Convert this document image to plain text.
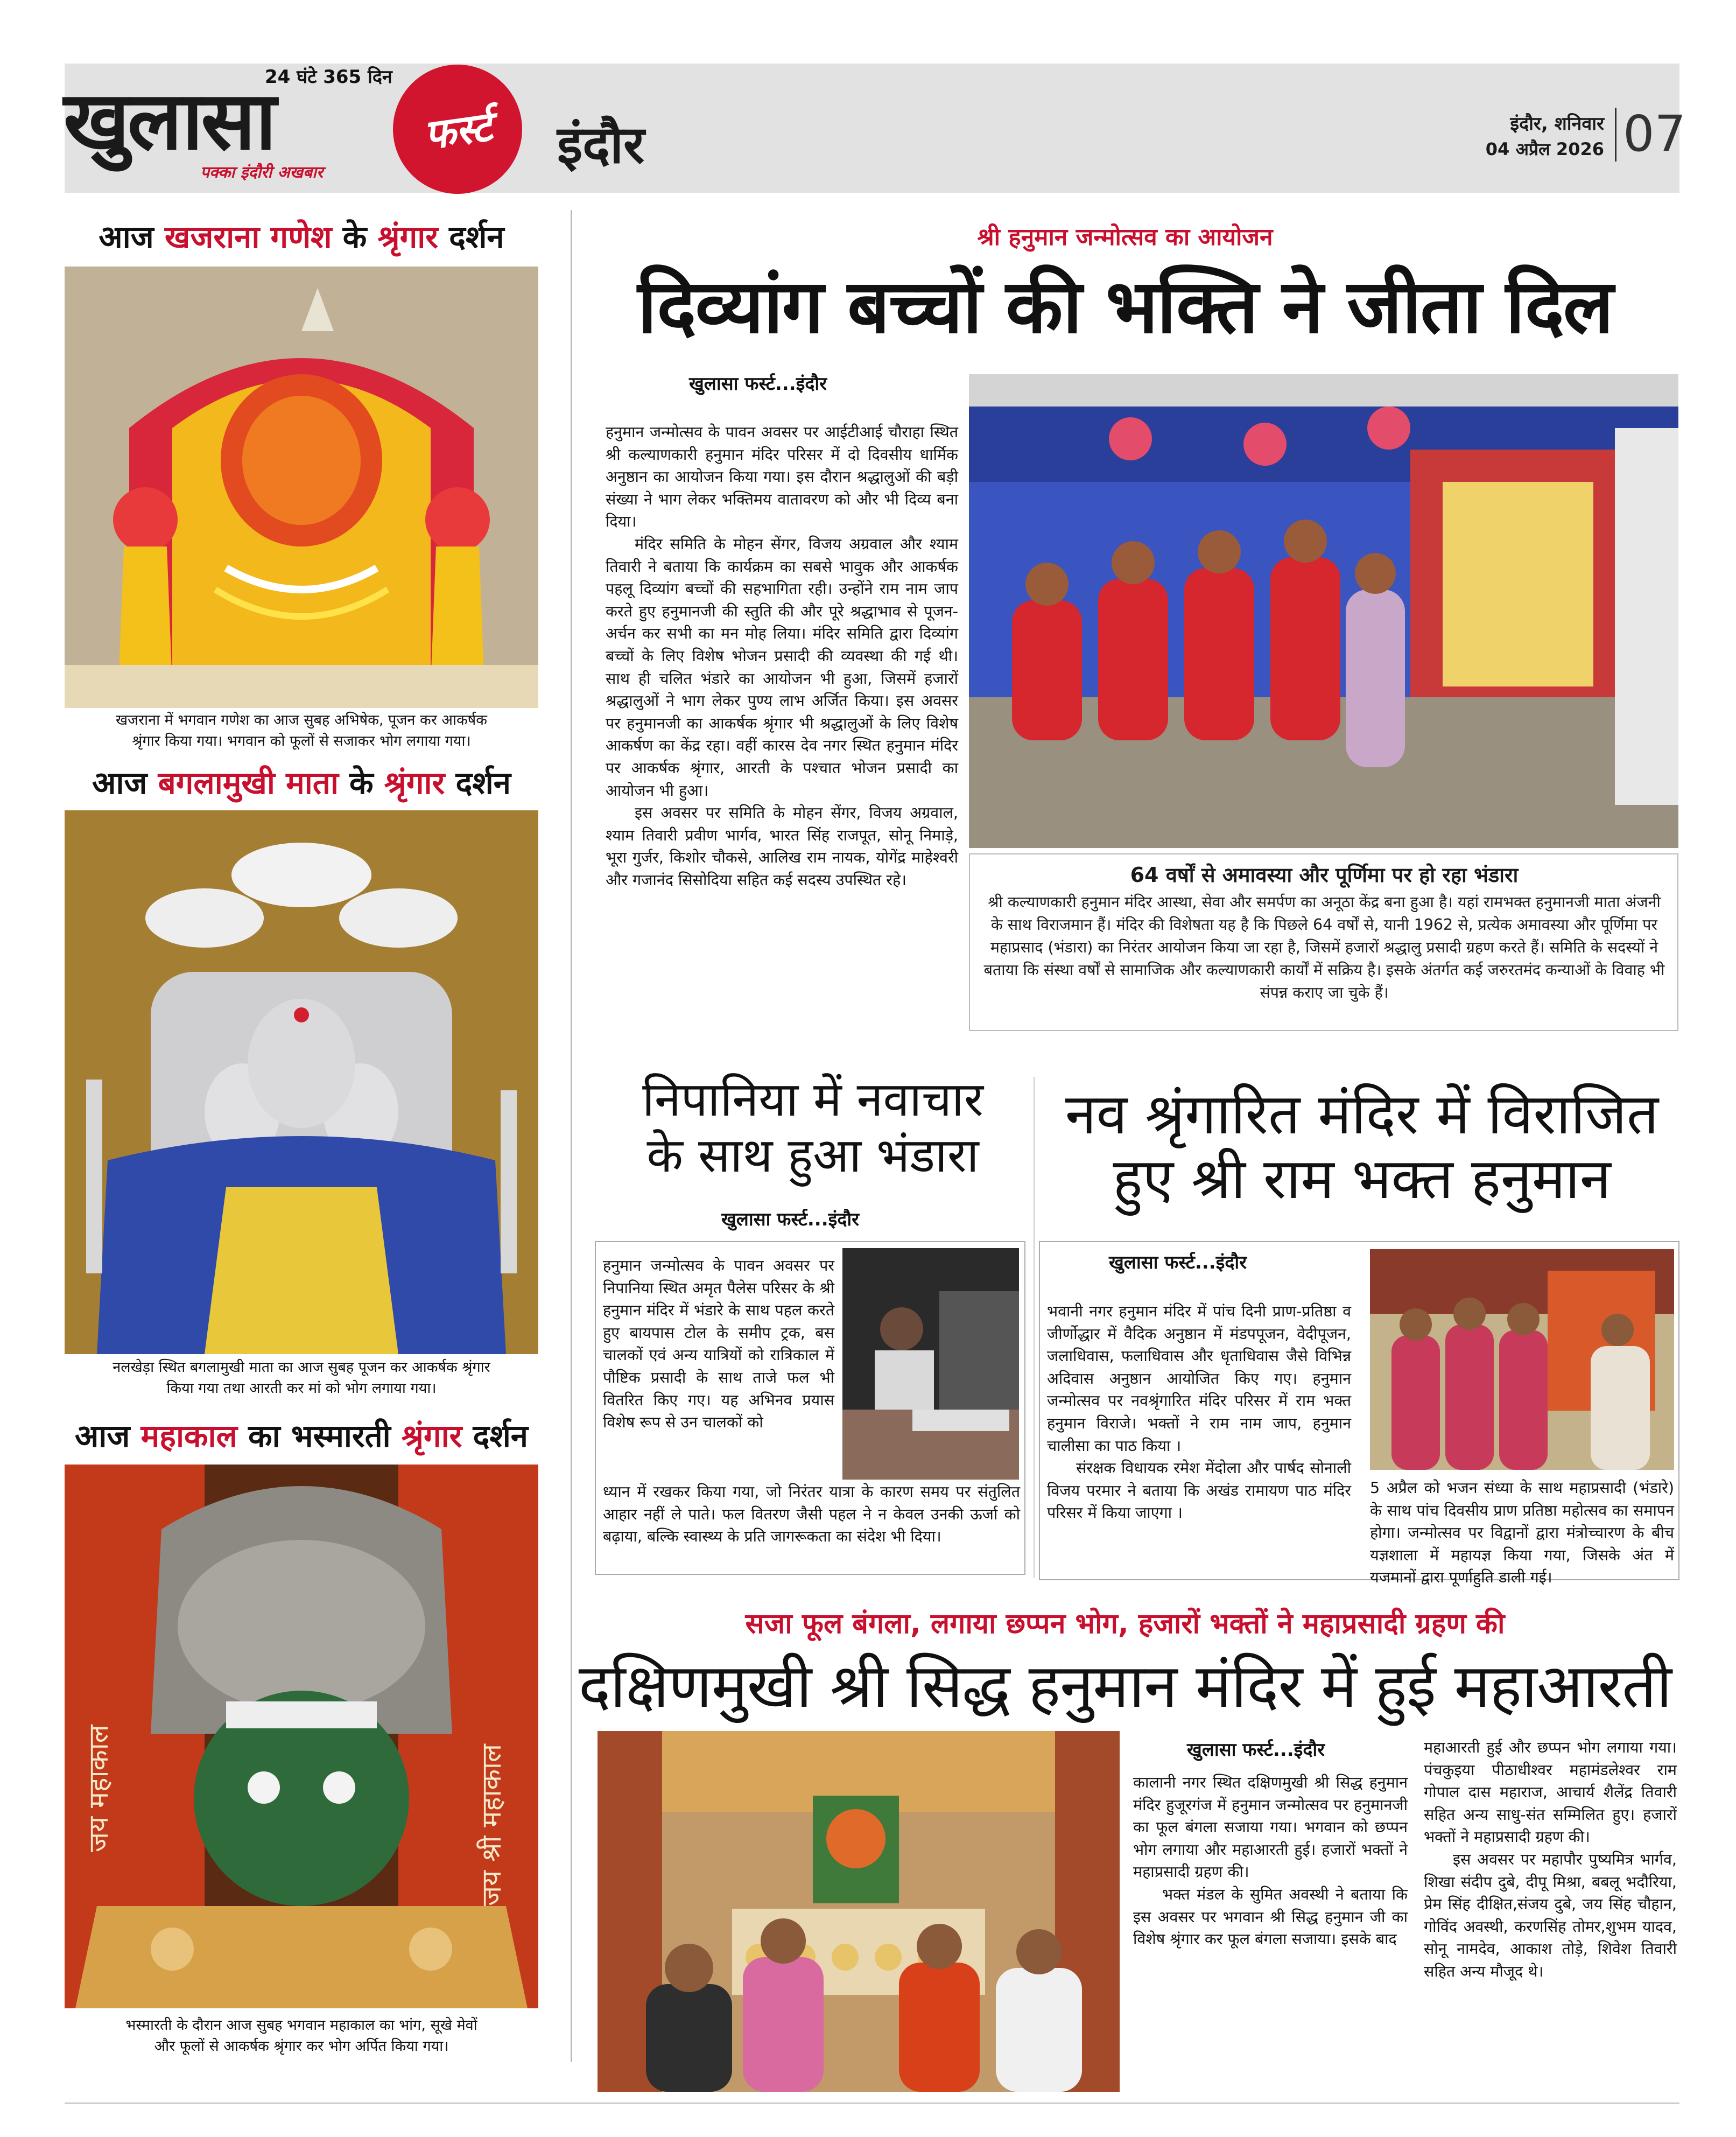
24 घंटे 365 दिन
खुलासा
पक्का इंदौरी अखबार
फर्स्ट इंदौर	इंदौर, शनिवार
04 अप्रैल 2026 07
आज खजराना गणेश के श्रृंगार दर्शन
खजराना में भगवान गणेश का आज सुबह अभिषेक, पूजन कर आकर्षक
श्रृंगार किया गया। भगवान को फूलों से सजाकर भोग लगाया गया।
आज बगलामुखी माता के श्रृंगार दर्शन
नलखेड़ा स्थित बगलामुखी माता का आज सुबह पूजन कर आकर्षक श्रृंगार
किया गया तथा आरती कर मां को भोग लगाया गया।
आज महाकाल का भस्मारती श्रृंगार दर्शन
जय महाकाल	जय श्री महाकाल
भस्मारती के दौरान आज सुबह भगवान महाकाल का भांग, सूखे मेवों
और फूलों से आकर्षक श्रृंगार कर भोग अर्पित किया गया।
श्री हनुमान जन्मोत्सव का आयोजन
दिव्यांग बच्चों की भक्ति ने जीता दिल
खुलासा फर्स्ट...इंदौर

हनुमान जन्मोत्सव के पावन अवसर पर आईटीआई चौराहा स्थित श्री कल्याणकारी हनुमान मंदिर परिसर में दो दिवसीय धार्मिक अनुष्ठान का आयोजन किया गया। इस दौरान श्रद्धालुओं की बड़ी संख्या ने भाग लेकर भक्तिमय वातावरण को और भी दिव्य बना दिया।

मंदिर समिति के मोहन सेंगर, विजय अग्रवाल और श्याम तिवारी ने बताया कि कार्यक्रम का सबसे भावुक और आकर्षक पहलू दिव्यांग बच्चों की सहभागिता रही। उन्होंने राम नाम जाप करते हुए हनुमानजी की स्तुति की और पूरे श्रद्धाभाव से पूजन-अर्चन कर सभी का मन मोह लिया। मंदिर समिति द्वारा दिव्यांग बच्चों के लिए विशेष भोजन प्रसादी की व्यवस्था की गई थी। साथ ही चलित भंडारे का आयोजन भी हुआ, जिसमें हजारों श्रद्धालुओं ने भाग लेकर पुण्य लाभ अर्जित किया। इस अवसर पर हनुमानजी का आकर्षक श्रृंगार भी श्रद्धालुओं के लिए विशेष आकर्षण का केंद्र रहा। वहीं कारस देव नगर स्थित हनुमान मंदिर पर आकर्षक श्रृंगार, आरती के पश्चात भोजन प्रसादी का आयोजन भी हुआ।

इस अवसर पर समिति के मोहन सेंगर, विजय अग्रवाल, श्याम तिवारी प्रवीण भार्गव, भारत सिंह राजपूत, सोनू निमाड़े, भूरा गुर्जर, किशोर चौकसे, आलिख राम नायक, योगेंद्र माहेश्वरी और गजानंद सिसोदिया सहित कई सदस्य उपस्थित रहे।	64 वर्षों से अमावस्या और पूर्णिमा पर हो रहा भंडारा
श्री कल्याणकारी हनुमान मंदिर आस्था, सेवा और समर्पण का अनूठा केंद्र बना हुआ है। यहां रामभक्त हनुमानजी माता अंजनी के साथ विराजमान हैं। मंदिर की विशेषता यह है कि पिछले 64 वर्षों से, यानी 1962 से, प्रत्येक अमावस्या और पूर्णिमा पर महाप्रसाद (भंडारा) का निरंतर आयोजन किया जा रहा है, जिसमें हजारों श्रद्धालु प्रसादी ग्रहण करते हैं। समिति के सदस्यों ने बताया कि संस्था वर्षों से सामाजिक और कल्याणकारी कार्यों में सक्रिय है। इसके अंतर्गत कई जरुरतमंद कन्याओं के विवाह भी संपन्न कराए जा चुके हैं।
निपानिया में नवाचार
के साथ हुआ भंडारा
खुलासा फर्स्ट...इंदौर
हनुमान जन्मोत्सव के पावन अवसर पर निपानिया स्थित अमृत पैलेस परिसर के श्री हनुमान मंदिर में भंडारे के साथ पहल करते हुए बायपास टोल के समीप ट्रक, बस चालकों एवं अन्य यात्रियों को रात्रिकाल में पौष्टिक प्रसादी के साथ ताजे फल भी वितरित किए गए। यह अभिनव प्रयास विशेष रूप से उन चालकों को
ध्यान में रखकर किया गया, जो निरंतर यात्रा के कारण समय पर संतुलित आहार नहीं ले पाते। फल वितरण जैसी पहल ने न केवल उनकी ऊर्जा को बढ़ाया, बल्कि स्वास्थ्य के प्रति जागरूकता का संदेश भी दिया।
नव श्रृंगारित मंदिर में विराजित
हुए श्री राम भक्त हनुमान
खुलासा फर्स्ट...इंदौर

भवानी नगर हनुमान मंदिर में पांच दिनी प्राण-प्रतिष्ठा व जीर्णोद्धार में वैदिक अनुष्ठान में मंडपपूजन, वेदीपूजन, जलाधिवास, फलाधिवास और धृताधिवास जैसे विभिन्न अदिवास अनुष्ठान आयोजित किए गए। हनुमान जन्मोत्सव पर नवश्रृंगारित मंदिर परिसर में राम भक्त हनुमान विराजे। भक्तों ने राम नाम जाप, हनुमान चालीसा का पाठ किया ।

संरक्षक विधायक रमेश मेंदोला और पार्षद सोनाली विजय परमार ने बताया कि अखंड रामायण पाठ मंदिर परिसर में किया जाएगा ।

5 अप्रैल को भजन संध्या के साथ महाप्रसादी (भंडारे) के साथ पांच दिवसीय प्राण प्रतिष्ठा महोत्सव का समापन होगा। जन्मोत्सव पर विद्वानों द्वारा मंत्रोच्चारण के बीच यज्ञशाला में महायज्ञ किया गया, जिसके अंत में यजमानों द्वारा पूर्णाहुति डाली गई।
सजा फूल बंगला, लगाया छप्पन भोग, हजारों भक्तों ने महाप्रसादी ग्रहण की
दक्षिणमुखी श्री सिद्ध हनुमान मंदिर में हुई महाआरती
खुलासा फर्स्ट...इंदौर

कालानी नगर स्थित दक्षिणमुखी श्री सिद्ध हनुमान मंदिर हुजूरगंज में हनुमान जन्मोत्सव पर हनुमानजी का फूल बंगला सजाया गया। भगवान को छप्पन भोग लगाया और महाआरती हुई। हजारों भक्तों ने महाप्रसादी ग्रहण की।

भक्त मंडल के सुमित अवस्थी ने बताया कि इस अवसर पर भगवान श्री सिद्ध हनुमान जी का विशेष श्रृंगार कर फूल बंगला सजाया। इसके बाद

महाआरती हुई और छप्पन भोग लगाया गया। पंचकुइया पीठाधीश्वर महामंडलेश्वर राम गोपाल दास महाराज, आचार्य शैलेंद्र तिवारी सहित अन्य साधु-संत सम्मिलित हुए। हजारों भक्तों ने महाप्रसादी ग्रहण की।

इस अवसर पर महापौर पुष्यमित्र भार्गव, शिखा संदीप दुबे, दीपू मिश्रा, बबलू भदौरिया, प्रेम सिंह दीक्षित,संजय दुबे, जय सिंह चौहान, गोविंद अवस्थी, करणसिंह तोमर,शुभम यादव, सोनू नामदेव, आकाश तोड़े, शिवेश तिवारी सहित अन्य मौजूद थे।
